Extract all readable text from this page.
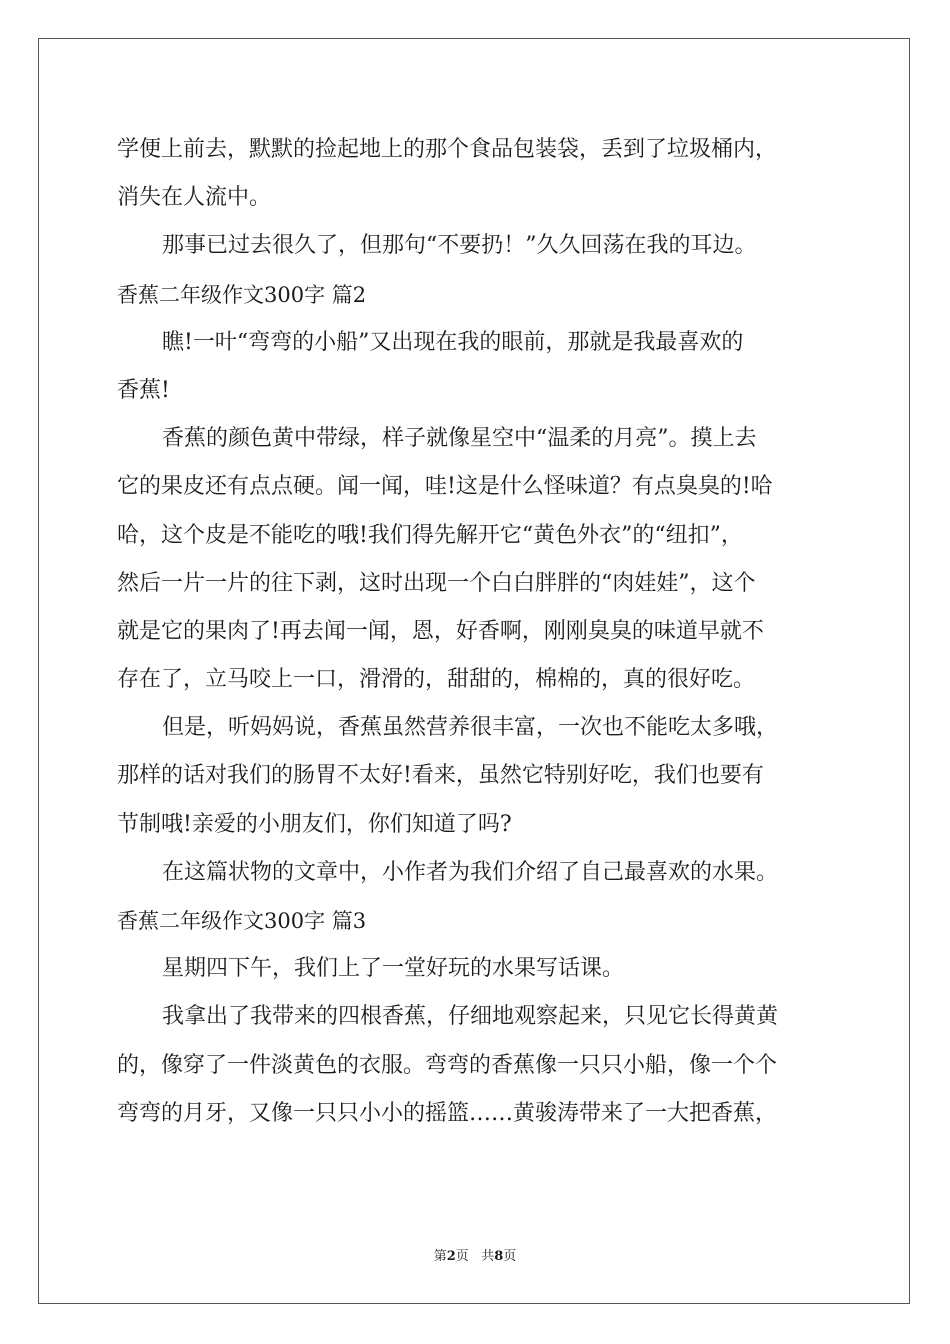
学便上前去，默默的捡起地上的那个食品包装袋，丢到了垃圾桶内，
消失在人流中。
那事已过去很久了，但那句“不要扔！”久久回荡在我的耳边。
香蕉二年级作文300字 篇2
瞧!一叶“弯弯的小船”又出现在我的眼前，那就是我最喜欢的
香蕉!
香蕉的颜色黄中带绿，样子就像星空中“温柔的月亮”。摸上去
它的果皮还有点点硬。闻一闻，哇!这是什么怪味道？有点臭臭的!哈
哈，这个皮是不能吃的哦!我们得先解开它“黄色外衣”的“纽扣”，
然后一片一片的往下剥，这时出现一个白白胖胖的“肉娃娃”，这个
就是它的果肉了!再去闻一闻，恩，好香啊，刚刚臭臭的味道早就不
存在了，立马咬上一口，滑滑的，甜甜的，棉棉的，真的很好吃。
但是，听妈妈说，香蕉虽然营养很丰富，一次也不能吃太多哦，
那样的话对我们的肠胃不太好!看来，虽然它特别好吃，我们也要有
节制哦!亲爱的小朋友们，你们知道了吗?
在这篇状物的文章中，小作者为我们介绍了自己最喜欢的水果。
香蕉二年级作文300字 篇3
星期四下午，我们上了一堂好玩的水果写话课。
我拿出了我带来的四根香蕉，仔细地观察起来，只见它长得黄黄
的，像穿了一件淡黄色的衣服。弯弯的香蕉像一只只小船，像一个个
弯弯的月牙，又像一只只小小的摇篮……黄骏涛带来了一大把香蕉，
第2页 共8页
